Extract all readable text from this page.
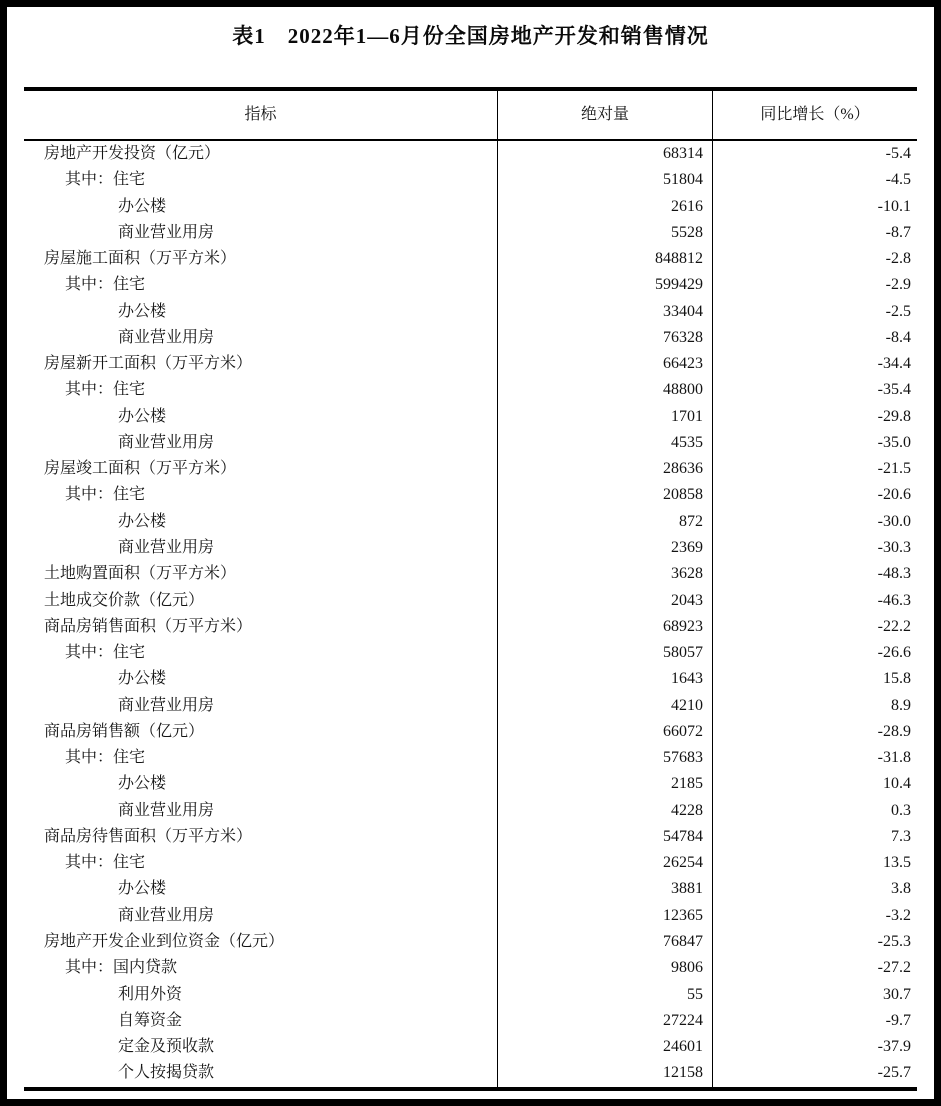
表1　2022年1—6月份全国房地产开发和销售情况
指标	绝对量	同比增长（%）
房地产开发投资（亿元）	68314	-5.4
其中：住宅	51804	-4.5
办公楼	2616	-10.1
商业营业用房	5528	-8.7
房屋施工面积（万平方米）	848812	-2.8
其中：住宅	599429	-2.9
办公楼	33404	-2.5
商业营业用房	76328	-8.4
房屋新开工面积（万平方米）	66423	-34.4
其中：住宅	48800	-35.4
办公楼	1701	-29.8
商业营业用房	4535	-35.0
房屋竣工面积（万平方米）	28636	-21.5
其中：住宅	20858	-20.6
办公楼	872	-30.0
商业营业用房	2369	-30.3
土地购置面积（万平方米）	3628	-48.3
土地成交价款（亿元）	2043	-46.3
商品房销售面积（万平方米）	68923	-22.2
其中：住宅	58057	-26.6
办公楼	1643	15.8
商业营业用房	4210	8.9
商品房销售额（亿元）	66072	-28.9
其中：住宅	57683	-31.8
办公楼	2185	10.4
商业营业用房	4228	0.3
商品房待售面积（万平方米）	54784	7.3
其中：住宅	26254	13.5
办公楼	3881	3.8
商业营业用房	12365	-3.2
房地产开发企业到位资金（亿元）	76847	-25.3
其中：国内贷款	9806	-27.2
利用外资	55	30.7
自筹资金	27224	-9.7
定金及预收款	24601	-37.9
个人按揭贷款	12158	-25.7
